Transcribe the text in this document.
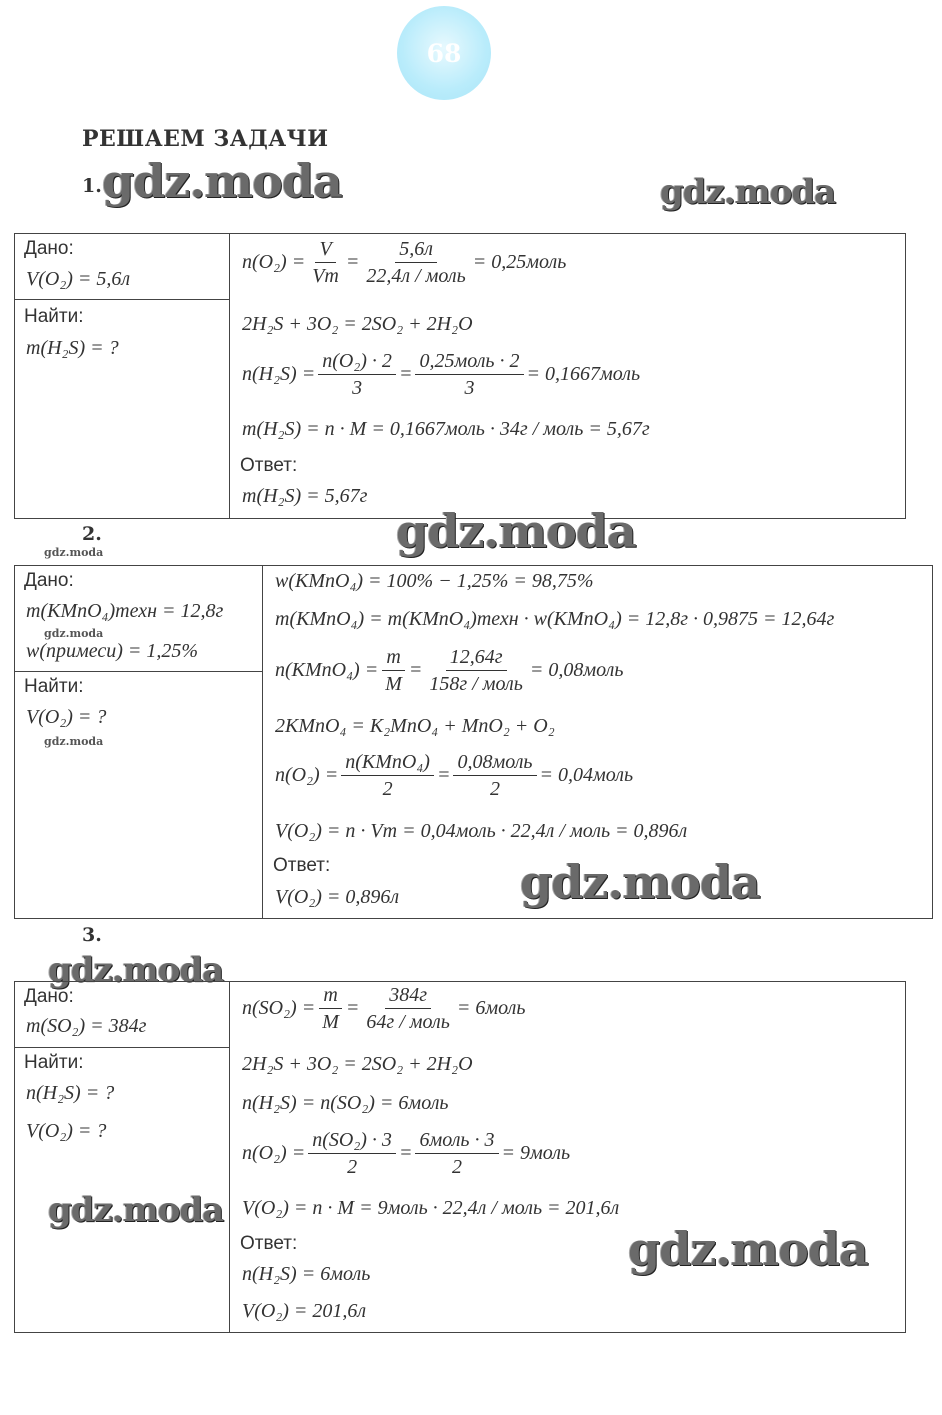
68
РЕШАЕМ ЗАДАЧИ
1. gdz.moda	gdz.moda
Дано:
V(O₂) = 5,6л
Найти:
m(H₂S) = ?
$n(O_2) = \frac{V}{Vm} = \frac{5,6л}{\text{22,4л / моль}}$ = 0,25моль
2H₂S + 3O₂ = 2SO₂ + 2H₂O
$n(H_2S) = \frac{\text{n(O₂) · 2}}{3} = \frac{\text{0,25моль · 2}}{3}$ = 0,1667моль
m(H₂S) = n · M = 0,1667моль · 34г / моль = 5,67г
Ответ:
m(H₂S) = 5,67г
2.
gdz.moda	gdz.moda
Дано:
m(KMnO₄)техн = 12,8г
gdz.moda
w(примеси) = 1,25%
Найти:
V(O₂) = ?
gdz.moda
w(KMnO₄) = 100% − 1,25% = 98,75%
m(KMnO₄) = m(KMnO₄)техн · w(KMnO₄) = 12,8г · 0,9875 = 12,64г
n(KMnO₄) = $\frac{m}{M} = \frac{12,64г}{\text{158г / моль}}$ = 0,08моль
2KMnO₄ = K₂MnO₄ + MnO₂ + O₂
$n(O_2) = \frac{\text{n(KMnO₄)}}{2} = \frac{\text{0,08моль}}{2}$ = 0,04моль
V(O₂) = n · Vm = 0,04моль · 22,4л / моль = 0,896л
Ответ:
V(O₂) = 0,896л	gdz.moda
3.
gdz.moda
Дано:
m(SO₂) = 384г
Найти:
n(H₂S) = ?
V(O₂) = ?
gdz.moda
$n(SO_2) = \frac{m}{M} = \frac{384г}{\text{64г / моль}}$ = 6моль
2H₂S + 3O₂ = 2SO₂ + 2H₂O
n(H₂S) = n(SO₂) = 6моль
$n(O_2) = \frac{\text{n(SO₂) · 3}}{2} = \frac{\text{6моль · 3}}{2}$ = 9моль
V(O₂) = n · M = 9моль · 22,4л / моль = 201,6л
Ответ:
n(H₂S) = 6моль
V(O₂) = 201,6л
gdz.moda
